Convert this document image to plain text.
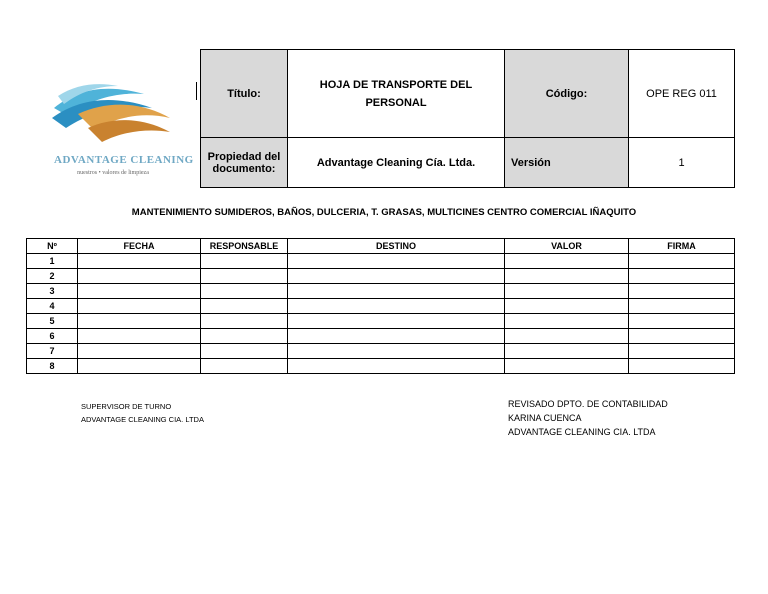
ADVANTAGE CLEANING
nuestros • valores de limpieza
Título:	HOJA DE TRANSPORTE DEL
PERSONAL	Código:	OPE REG 011
Propiedad del
documento:	Advantage Cleaning Cía. Ltda.	Versión	1
MANTENIMIENTO SUMIDEROS, BAÑOS, DULCERIA, T. GRASAS, MULTICINES CENTRO COMERCIAL IÑAQUITO
Nº	FECHA	RESPONSABLE	DESTINO	VALOR	FIRMA
1					
2					
3					
4					
5					
6					
7					
8					
SUPERVISOR DE TURNO
ADVANTAGE CLEANING CIA. LTDA
REVISADO DPTO. DE CONTABILIDAD
KARINA CUENCA
ADVANTAGE CLEANING CIA. LTDA
